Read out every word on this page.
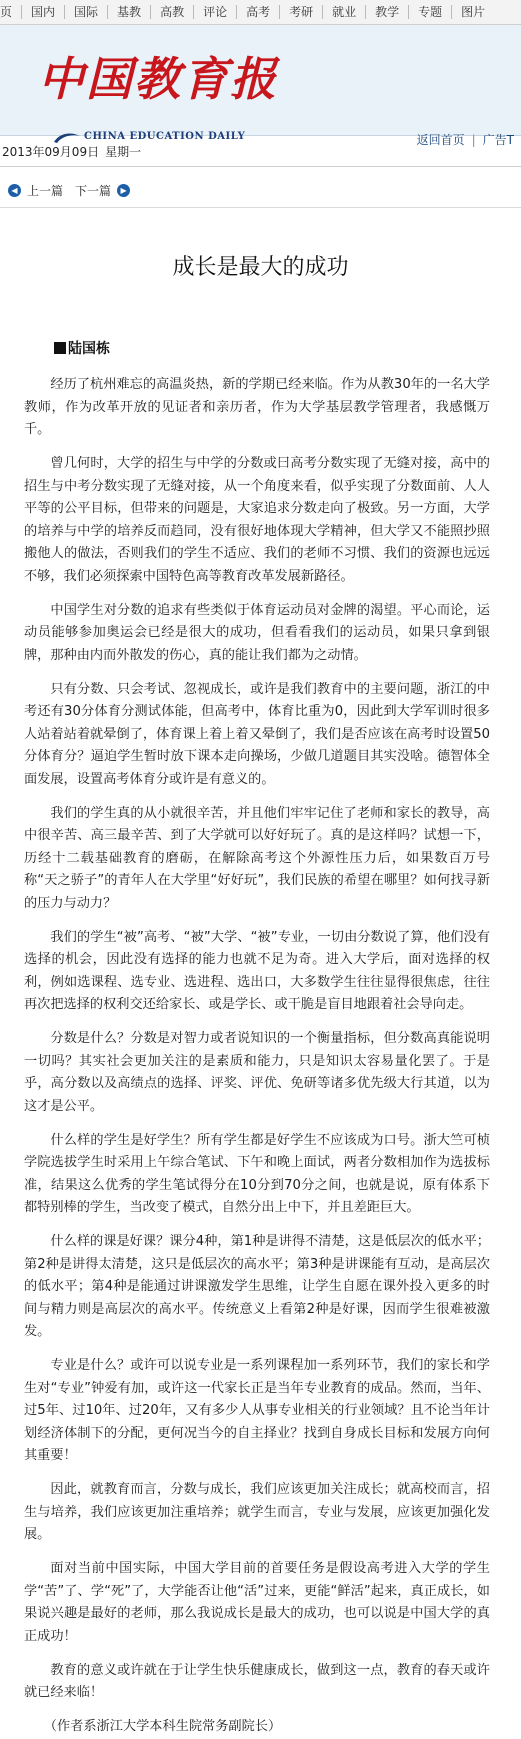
页	国内	国际	基教	高教	评论	高考	考研	就业	教学	专题	图片
中国教育报
CHINA EDUCATION DAILY	返回首页 | 广告T
2013年09月09日 星期一
◀ 上一篇 下一篇	▶
成长是最大的成功
陆国栋

经历了杭州难忘的高温炎热，新的学期已经来临。作为从教30年的一名大学教师，作为改革开放的见证者和亲历者，作为大学基层教学管理者，我感慨万千。

曾几何时，大学的招生与中学的分数或曰高考分数实现了无缝对接，高中的招生与中考分数实现了无缝对接，从一个角度来看，似乎实现了分数面前、人人平等的公平目标，但带来的问题是，大家追求分数走向了极致。另一方面，大学的培养与中学的培养反而趋同，没有很好地体现大学精神，但大学又不能照抄照搬他人的做法，否则我们的学生不适应、我们的老师不习惯、我们的资源也远远不够，我们必须探索中国特色高等教育改革发展新路径。

中国学生对分数的追求有些类似于体育运动员对金牌的渴望。平心而论，运动员能够参加奥运会已经是很大的成功，但看看我们的运动员，如果只拿到银牌，那种由内而外散发的伤心，真的能让我们都为之动情。

只有分数、只会考试、忽视成长，或许是我们教育中的主要问题，浙江的中考还有30分体育分测试体能，但高考中，体育比重为0，因此到大学军训时很多人站着站着就晕倒了，体育课上着上着又晕倒了，我们是否应该在高考时设置50分体育分？逼迫学生暂时放下课本走向操场，少做几道题目其实没啥。德智体全面发展，设置高考体育分或许是有意义的。

我们的学生真的从小就很辛苦，并且他们牢牢记住了老师和家长的教导，高中很辛苦、高三最辛苦、到了大学就可以好好玩了。真的是这样吗？试想一下，历经十二载基础教育的磨砺，在解除高考这个外源性压力后，如果数百万号称“天之骄子”的青年人在大学里“好好玩”，我们民族的希望在哪里？如何找寻新的压力与动力？

我们的学生“被”高考、“被”大学、“被”专业，一切由分数说了算，他们没有选择的机会，因此没有选择的能力也就不足为奇。进入大学后，面对选择的权利，例如选课程、选专业、选进程、选出口，大多数学生往往显得很焦虑，往往再次把选择的权利交还给家长、或是学长、或干脆是盲目地跟着社会导向走。

分数是什么？分数是对智力或者说知识的一个衡量指标，但分数高真能说明一切吗？其实社会更加关注的是素质和能力，只是知识太容易量化罢了。于是乎，高分数以及高绩点的选择、评奖、评优、免研等诸多优先级大行其道，以为这才是公平。

什么样的学生是好学生？所有学生都是好学生不应该成为口号。浙大竺可桢学院选拔学生时采用上午综合笔试、下午和晚上面试，两者分数相加作为选拔标准，结果这么优秀的学生笔试得分在10分到70分之间，也就是说，原有体系下都特别棒的学生，当改变了模式，自然分出上中下，并且差距巨大。

什么样的课是好课？课分4种，第1种是讲得不清楚，这是低层次的低水平；第2种是讲得太清楚，这只是低层次的高水平；第3种是讲课能有互动，是高层次的低水平；第4种是能通过讲课激发学生思维，让学生自愿在课外投入更多的时间与精力则是高层次的高水平。传统意义上看第2种是好课，因而学生很难被激发。

专业是什么？或许可以说专业是一系列课程加一系列环节，我们的家长和学生对“专业”钟爱有加，或许这一代家长正是当年专业教育的成品。然而，当年、过5年、过10年、过20年，又有多少人从事专业相关的行业领域？且不论当年计划经济体制下的分配，更何况当今的自主择业？找到自身成长目标和发展方向何其重要！

因此，就教育而言，分数与成长，我们应该更加关注成长；就高校而言，招生与培养，我们应该更加注重培养；就学生而言，专业与发展，应该更加强化发展。

面对当前中国实际，中国大学目前的首要任务是假设高考进入大学的学生学“苦”了、学“死”了，大学能否让他“活”过来，更能“鲜活”起来，真正成长，如果说兴趣是最好的老师，那么我说成长是最大的成功，也可以说是中国大学的真正成功！

教育的意义或许就在于让学生快乐健康成长，做到这一点，教育的春天或许就已经来临！

（作者系浙江大学本科生院常务副院长）
